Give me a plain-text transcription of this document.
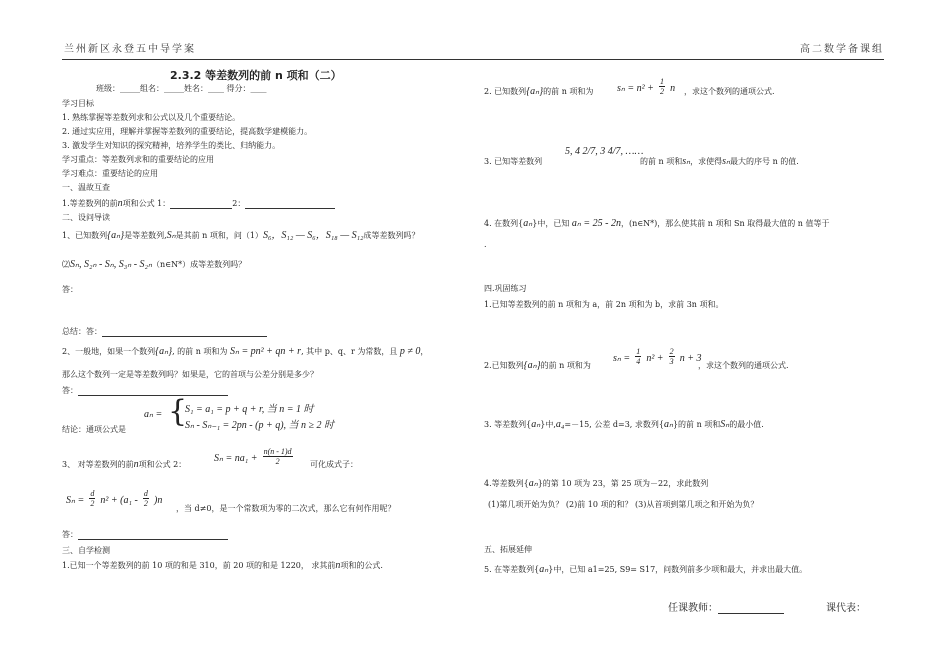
兰州新区永登五中导学案	高二数学备课组
2.3.2 等差数列的前 n 项和（二）
班级：_____组名：_____姓名：____ 得分：____
学习目标
1. 熟练掌握等差数列求和公式以及几个重要结论。
2. 通过实应用，理解并掌握等差数列的重要结论，提高数学建模能力。
3. 激发学生对知识的探究精神，培养学生的类比、归纳能力。
学习重点：等差数列求和的重要结论的应用
学习难点：重要结论的应用
一、温故互查
1.等差数列的前n项和公式 1：	2：
二、设问导读
1、已知数列{aₙ}是等差数列,Sₙ是其前 n 项和，问（1）S₆，S₁₂ — S₆，S₁₈ — S₁₂成等差数列吗？
⑵Sₙ, S₂ₙ - Sₙ, S₃ₙ - S₂ₙ（n∈N*）成等差数列吗？
答：
总结：答：
2、一般地，如果一个数列{aₙ}, 的前 n 项和为 Sₙ = pn² + qn + r, 其中 p、q、r 为常数，且 p ≠ 0，
那么这个数列一定是等差数列吗？如果是，它的首项与公差分别是多少？
答：
aₙ = {
S₁ = a₁ = p + q + r, 当 n = 1 时
Sₙ - Sₙ₋₁ = 2pn - (p + q), 当 n ≥ 2 时
结论：通项公式是
3、 对等差数列的前n项和公式 2：
$S_n = na_1 + \frac{n(n - 1)d}{2}$ 可化成式子：
$S_n = \frac{d}{2} n^2 + (a_1 - \frac{d}{2} )n$
，当 d≠0，是一个常数项为零的二次式，那么它有何作用呢？
答：
三、自学检测
1.已知一个等差数列的前 10 项的和是 310，前 20 项的和是 1220， 求其前n项和的公式.
2. 已知数列{aₙ}的前 n 项和为 $s_n = n^2 + \frac{1}{2}$ n ，求这个数列的通项公式.
3. 已知等差数列
5, 4 2/7, 3 4/7, ……
的前 n 项和sₙ，求使得sₙ最大的序号 n 的值.
4. 在数列{aₙ}中，已知 aₙ = 25 - 2n，(n∈N*)，那么使其前 n 项和 Sn 取得最大值的 n 值等于
.
四.巩固练习
1.已知等差数列的前 n 项和为 a，前 2n 项和为 b，求前 3n 项和。
2.已知数列{aₙ}的前 n 项和为
$s_n = \frac{1}{4} n^2 + \frac{2}{3}$ n + 3
，求这个数列的通项公式.
3. 等差数列{aₙ}中,a₄=－15, 公差 d=3, 求数列{aₙ}的前 n 项和Sₙ的最小值.
4.等差数列{aₙ}的第 10 项为 23，第 25 项为－22，求此数列
(1)第几项开始为负？ (2)前 10 项的和？ (3)从首项到第几项之和开始为负？
五、拓展延伸
5. 在等差数列{aₙ}中，已知 a1=25, S9= S17，问数列前多少项和最大，并求出最大值。
任课教师：	课代表：
